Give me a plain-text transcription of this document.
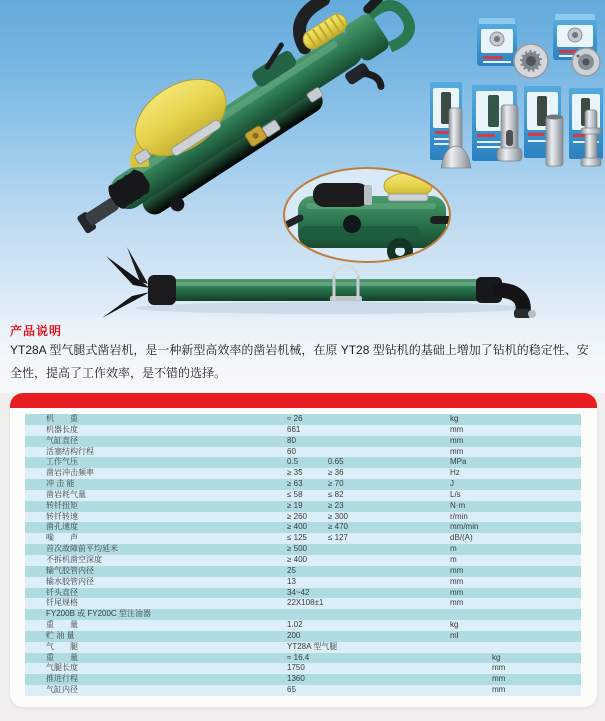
产品说明
YT28A 型气腿式凿岩机，是一种新型高效率的凿岩机械，在原 YT28 型钻机的基础上增加了钻机的稳定性、安全性，提高了工作效率，是不错的选择。
机　　重	≈ 26	kg
机器长度	661	mm
气缸直径	80	mm
活塞结构行程	60	mm
工作气压	0.5	0.65	MPa
凿岩冲击频率	≥ 35	≥ 36	Hz
冲 击 能	≥ 63	≥ 70	J
凿岩耗气量	≤ 58	≤ 82	L/s
转钎扭矩	≥ 19	≥ 23	N·m
转钎转速	≥ 260	≥ 300	r/min
凿孔速度	≥ 400	≥ 470	mm/min
噪　　声	≤ 125	≤ 127	dB/(A)
首次故障前平均延米	≥ 500	m
不拆机凿空深度	≥ 400	m
输气胶管内径	25	mm
输水胶管内径	13	mm
钎头直径	34~42	mm
钎尾规格	22X108±1	mm
FY200B 或 FY200C 型注油器
重　　量	1.02	kg
贮 油 量	200	ml
气　　腿	YT28A 型气腿
重　　量	≈ 16.4	kg
气腿长度	1750	mm
推进行程	1360	mm
气缸内径	65	mm
